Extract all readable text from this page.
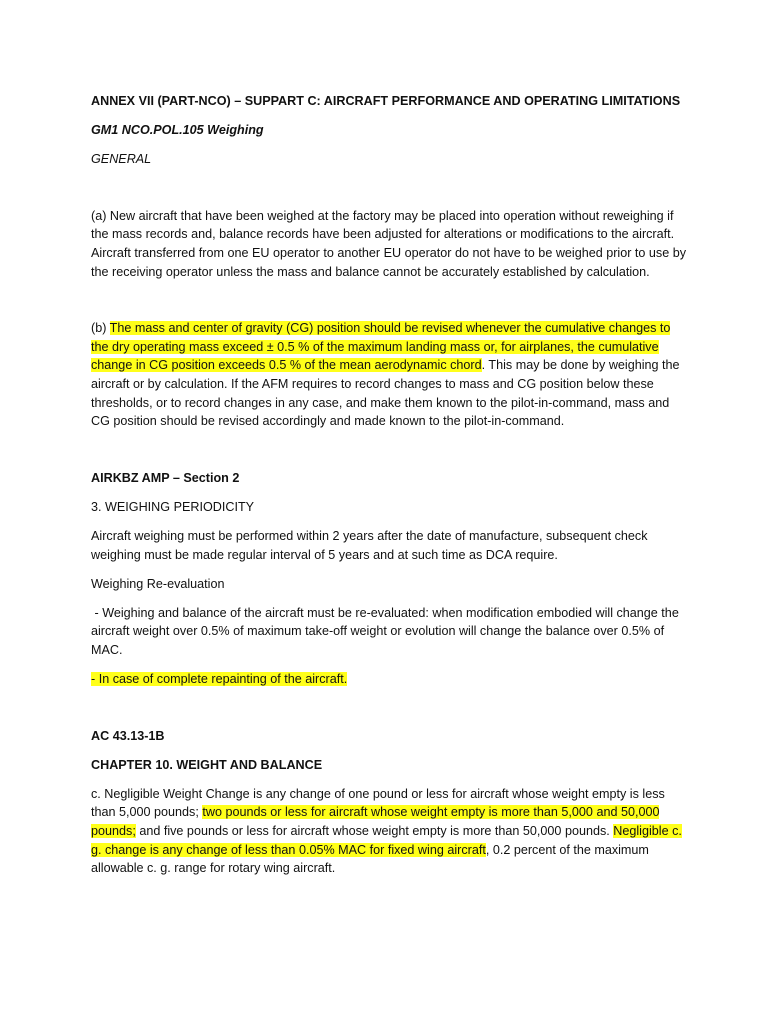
ANNEX VII (PART-NCO) – SUPPART C: AIRCRAFT PERFORMANCE AND OPERATING LIMITATIONS

GM1 NCO.POL.105 Weighing

GENERAL

(a) New aircraft that have been weighed at the factory may be placed into operation without reweighing if the mass records and, balance records have been adjusted for alterations or modifications to the aircraft. Aircraft transferred from one EU operator to another EU operator do not have to be weighed prior to use by the receiving operator unless the mass and balance cannot be accurately established by calculation.

(b) The mass and center of gravity (CG) position should be revised whenever the cumulative changes to the dry operating mass exceed ± 0.5 % of the maximum landing mass or, for airplanes, the cumulative change in CG position exceeds 0.5 % of the mean aerodynamic chord. This may be done by weighing the aircraft or by calculation. If the AFM requires to record changes to mass and CG position below these thresholds, or to record changes in any case, and make them known to the pilot-in-command, mass and CG position should be revised accordingly and made known to the pilot-in-command.

AIRKBZ AMP – Section 2

3. WEIGHING PERIODICITY

Aircraft weighing must be performed within 2 years after the date of manufacture, subsequent check weighing must be made regular interval of 5 years and at such time as DCA require.

Weighing Re-evaluation

- Weighing and balance of the aircraft must be re-evaluated: when modification embodied will change the aircraft weight over 0.5% of maximum take-off weight or evolution will change the balance over 0.5% of MAC.

- In case of complete repainting of the aircraft.

AC 43.13-1B

CHAPTER 10. WEIGHT AND BALANCE

c. Negligible Weight Change is any change of one pound or less for aircraft whose weight empty is less than 5,000 pounds; two pounds or less for aircraft whose weight empty is more than 5,000 and 50,000 pounds; and five pounds or less for aircraft whose weight empty is more than 50,000 pounds. Negligible c. g. change is any change of less than 0.05% MAC for fixed wing aircraft, 0.2 percent of the maximum allowable c. g. range for rotary wing aircraft.
